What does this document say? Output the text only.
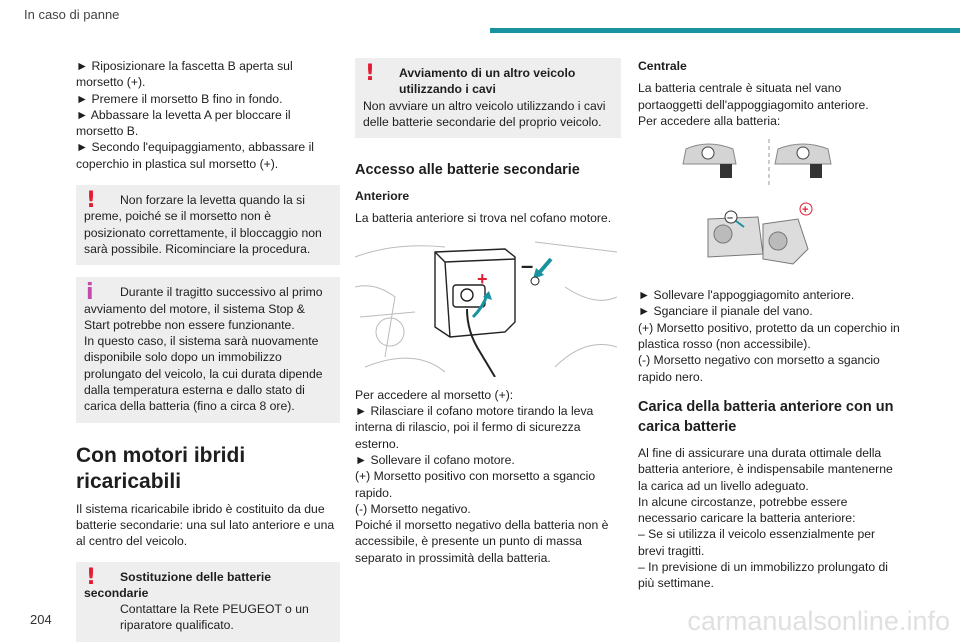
In caso di panne

► Riposizionare la fascetta B aperta sul morsetto (+).

► Premere il morsetto B fino in fondo.

► Abbassare la levetta A per bloccare il morsetto B.

► Secondo l'equipaggiamento, abbassare il coperchio in plastica sul morsetto (+).

!	Non forzare la levetta quando la si preme, poiché se il morsetto non è posizionato correttamente, il bloccaggio non sarà possibile. Ricominciare la procedura.

i	Durante il tragitto successivo al primo avviamento del motore, il sistema Stop & Start potrebbe non essere funzionante.

In questo caso, il sistema sarà nuovamente disponibile solo dopo un immobilizzo prolungato del veicolo, la cui durata dipende dalla temperatura esterna e dallo stato di carica della batteria (fino a circa 8 ore).

Con motori ibridi ricaricabili

Il sistema ricaricabile ibrido è costituito da due batterie secondarie: una sul lato anteriore e una al centro del veicolo.

!	Sostituzione delle batterie secondarie

Contattare la Rete PEUGEOT o un riparatore qualificato.

!	Avviamento di un altro veicolo utilizzando i cavi

Non avviare un altro veicolo utilizzando i cavi delle batterie secondarie del proprio veicolo.

Accesso alle batterie secondarie

Anteriore

La batteria anteriore si trova nel cofano motore.

+
–

Per accedere al morsetto (+):

► Rilasciare il cofano motore tirando la leva interna di rilascio, poi il fermo di sicurezza esterno.

► Sollevare il cofano motore.

(+) Morsetto positivo con morsetto a sgancio rapido.

(-) Morsetto negativo.

Poiché il morsetto negativo della batteria non è accessibile, è presente un punto di massa separato in prossimità della batteria.

Centrale

La batteria centrale è situata nel vano portaoggetti dell'appoggiagomito anteriore.

Per accedere alla batteria:

–
+

► Sollevare l'appoggiagomito anteriore.

► Sganciare il pianale del vano.

(+) Morsetto positivo, protetto da un coperchio in plastica rosso (non accessibile).

(-) Morsetto negativo con morsetto a sgancio rapido nero.

Carica della batteria anteriore con un carica batterie

Al fine di assicurare una durata ottimale della batteria anteriore, è indispensabile mantenerne la carica ad un livello adeguato.

In alcune circostanze, potrebbe essere necessario caricare la batteria anteriore:

– Se si utilizza il veicolo essenzialmente per brevi tragitti.

– In previsione di un immobilizzo prolungato di più settimane.

204	carmanualsonline.info
